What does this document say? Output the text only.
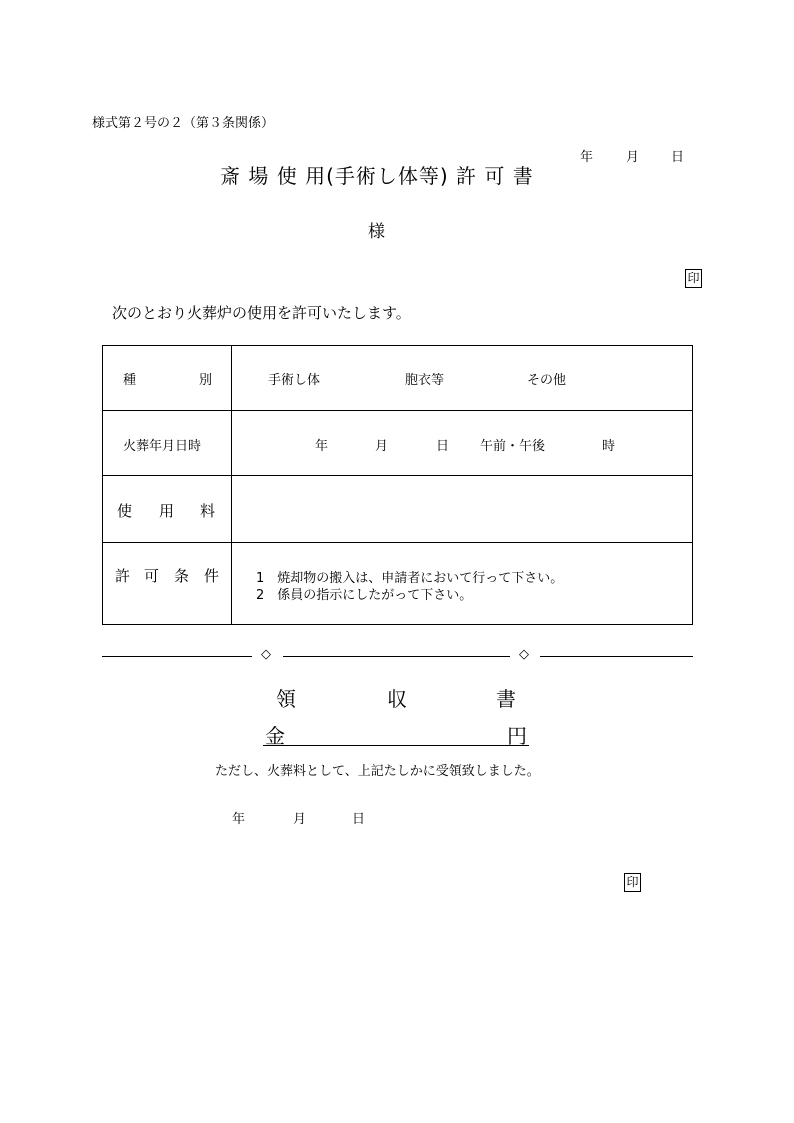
様式第２号の２（第３条関係）
年	月 日
斎 場 使 用(手術し体等) 許 可 書
様
印
次のとおり火葬炉の使用を許可いたします。
種 別	手術し体 胞衣等 その他

火葬年月日時	年 月 日 午前・午後 時

使 用 料	

許 可 条 件	1　焼却物の搬入は、申請者において行って下さい。
2　係員の指示にしたがって下さい。
◇	◇
領	収	書
金	円
ただし、火葬料として、上記たしかに受領致しました。
年	月	日
印
